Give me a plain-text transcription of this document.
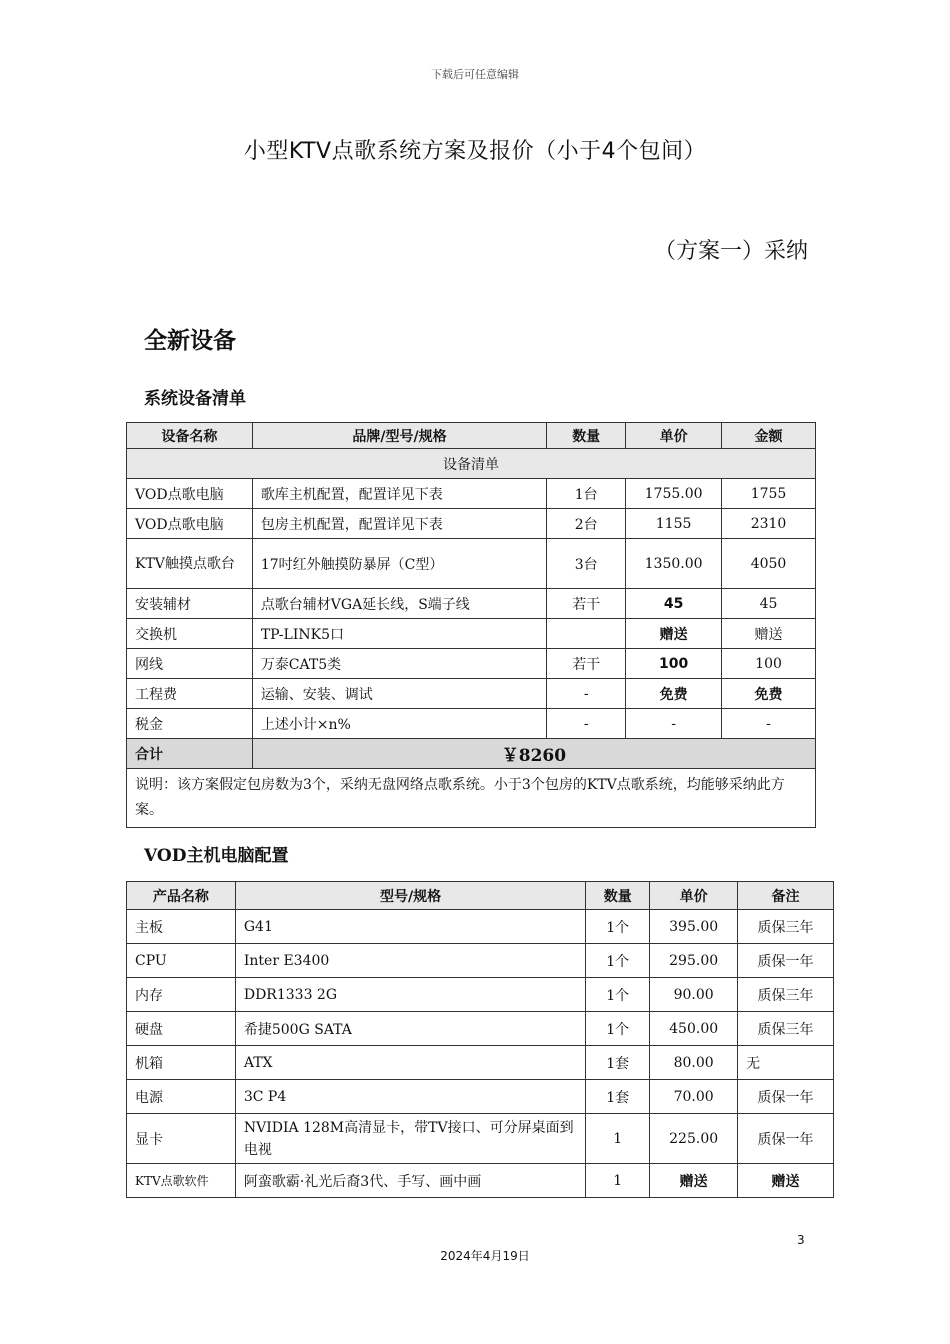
下载后可任意编辑
小型KTV点歌系统方案及报价（小于4个包间）
（方案一）采纳
全新设备
系统设备清单
设备名称	品牌/型号/规格	数量	单价	金额
设备清单				
VOD点歌电脑	歌库主机配置，配置详见下表	1台	1755.00	1755
VOD点歌电脑	包房主机配置，配置详见下表	2台	1155	2310
KTV触摸点歌台	17吋红外触摸防暴屏（C型）	3台	1350.00	4050
安装辅材	点歌台辅材VGA延长线，S端子线	若干	45	45
交换机	TP-LINK5口		赠送	赠送
网线	万泰CAT5类	若干	100	100
工程费	运输、安装、调试	-	免费	免费
税金	上述小计×n%	-	-	-
合计	￥8260			
说明：该方案假定包房数为3个，采纳无盘网络点歌系统。小于3个包房的KTV点歌系统，均能够采纳此方案。				
VOD主机电脑配置
产品名称	型号/规格	数量	单价	备注
主板	G41	1个	395.00	质保三年
CPU	Inter E3400	1个	295.00	质保一年
内存	DDR1333 2G	1个	90.00	质保三年
硬盘	希捷500G SATA	1个	450.00	质保三年
机箱	ATX	1套	80.00	无
电源	3C P4	1套	70.00	质保一年
显卡	NVIDIA 128M高清显卡，带TV接口、可分屏桌面到电视	1	225.00	质保一年
KTV点歌软件	阿蛮歌霸·礼光后裔3代、手写、画中画	1	赠送	赠送
3
2024年4月19日
